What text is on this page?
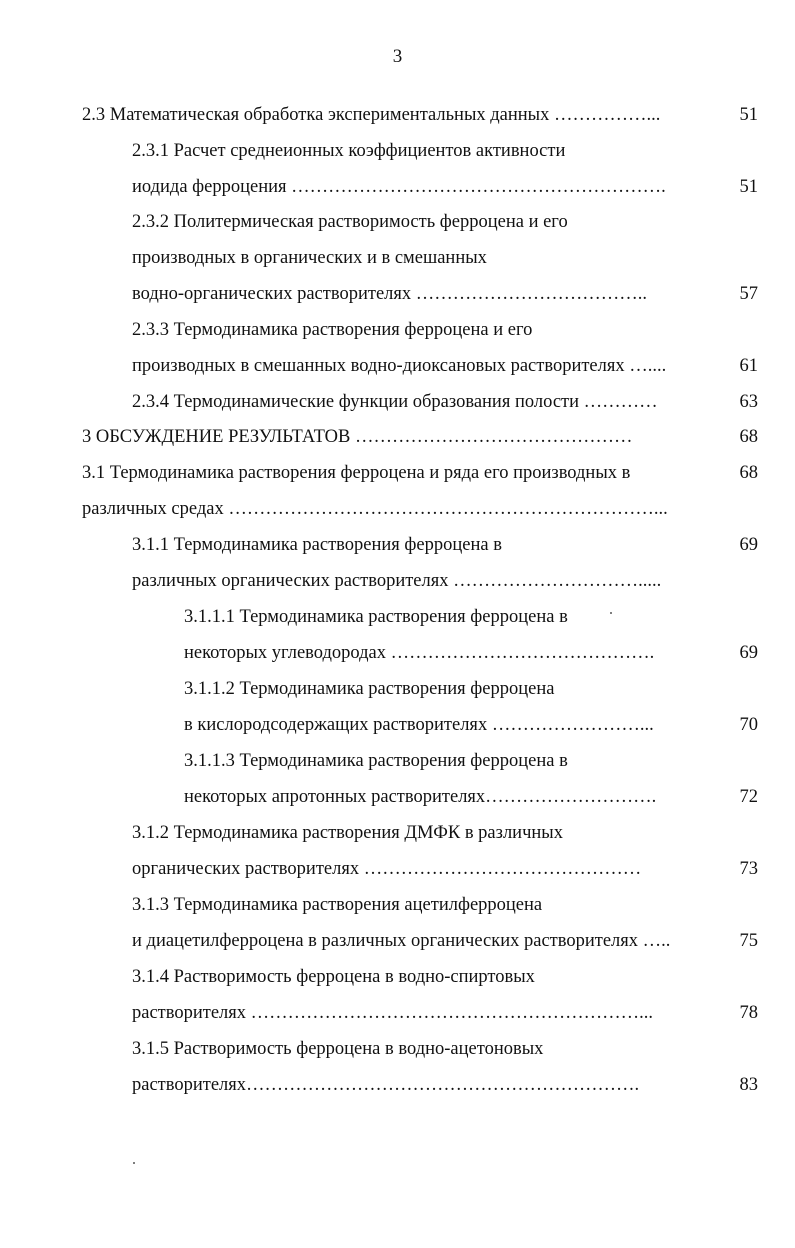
3
2.3 Математическая обработка экспериментальных данных ……………...	51
2.3.1 Расчет среднеионных коэффициентов активности
иодида ферроцения …………………………………………………….	51
2.3.2 Политермическая растворимость ферроцена и его
производных в органических и в смешанных
водно-органических растворителях ………………………………..	57
2.3.3 Термодинамика растворения ферроцена и его
производных в смешанных водно-диоксановых растворителях …....	61
2.3.4 Термодинамические функции образования полости …………	63
3 ОБСУЖДЕНИЕ РЕЗУЛЬТАТОВ ………………………………………	68
3.1 Термодинамика растворения ферроцена и ряда его производных в	68
различных средах ……………………………………………………………...
3.1.1 Термодинамика растворения ферроцена в	69
различных органических растворителях ………………………….....
3.1.1.1 Термодинамика растворения ферроцена в
некоторых углеводородах …………………………………….	69
3.1.1.2 Термодинамика растворения ферроцена
в кислородсодержащих растворителях ……………………...	70
3.1.1.3 Термодинамика растворения ферроцена в
некоторых апротонных растворителях……………………….	72
3.1.2 Термодинамика растворения ДМФК в различных
органических растворителях ………………………………………	73
3.1.3 Термодинамика растворения ацетилферроцена
и диацетилферроцена в различных органических растворителях …..	75
3.1.4 Растворимость ферроцена в водно-спиртовых
растворителях ………………………………………………………...	78
3.1.5 Растворимость ферроцена в водно-ацетоновых
растворителях……………………………………………………….	83
